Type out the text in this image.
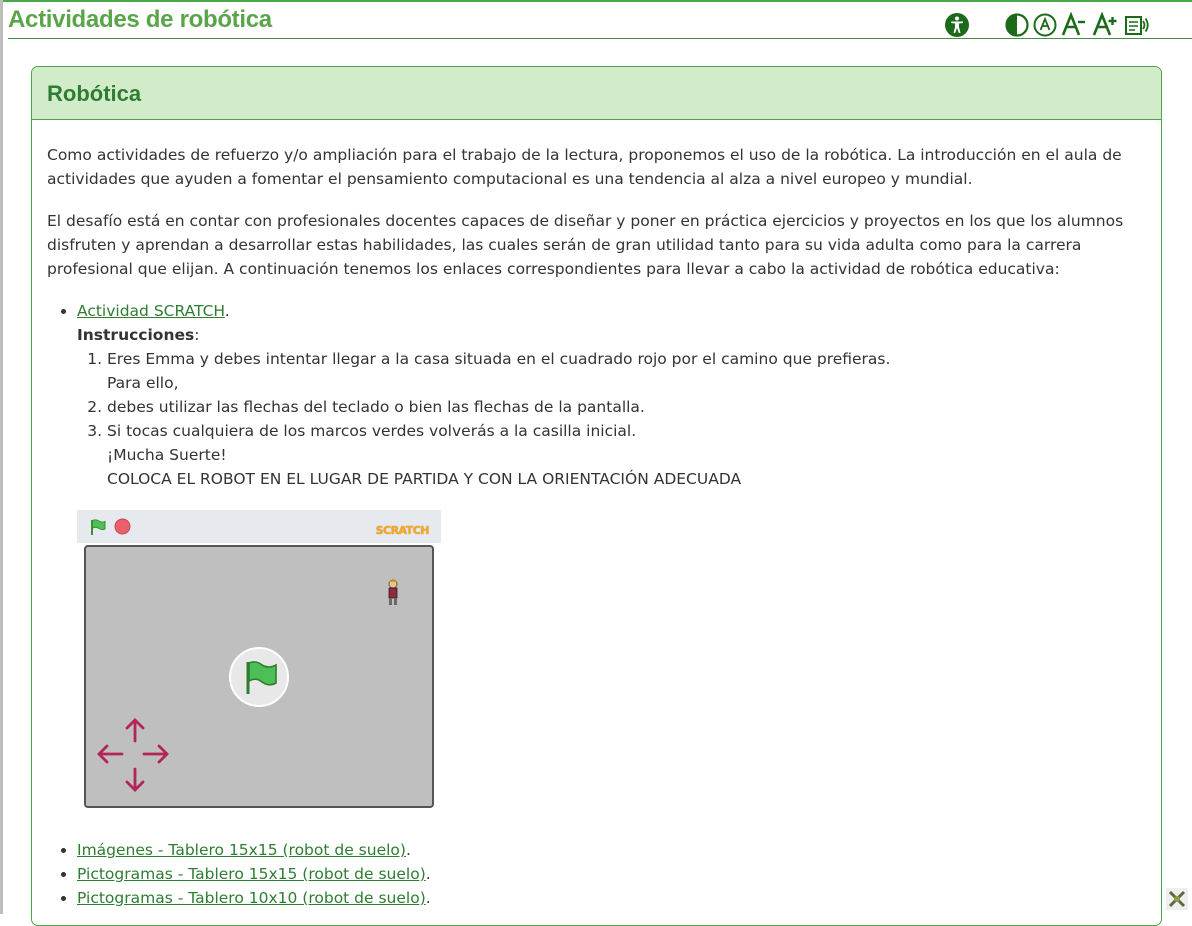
Actividades de robótica
Robótica

Como actividades de refuerzo y/o ampliación para el trabajo de la lectura, proponemos el uso de la robótica. La introducción en el aula de actividades que ayuden a fomentar el pensamiento computacional es una tendencia al alza a nivel europeo y mundial.

El desafío está en contar con profesionales docentes capaces de diseñar y poner en práctica ejercicios y proyectos en los que los alumnos disfruten y aprendan a desarrollar estas habilidades, las cuales serán de gran utilidad tanto para su vida adulta como para la carrera profesional que elijan. A continuación tenemos los enlaces correspondientes para llevar a cabo la actividad de robótica educativa:

• Actividad SCRATCH.
Instrucciones:
1. Eres Emma y debes intentar llegar a la casa situada en el cuadrado rojo por el camino que prefieras.
Para ello,
2. debes utilizar las flechas del teclado o bien las flechas de la pantalla.
3. Si tocas cualquiera de los marcos verdes volverás a la casilla inicial.
¡Mucha Suerte!
COLOCA EL ROBOT EN EL LUGAR DE PARTIDA Y CON LA ORIENTACIÓN ADECUADA
SCRATCH
• Imágenes - Tablero 15x15 (robot de suelo).
• Pictogramas - Tablero 15x15 (robot de suelo).
• Pictogramas - Tablero 10x10 (robot de suelo).
